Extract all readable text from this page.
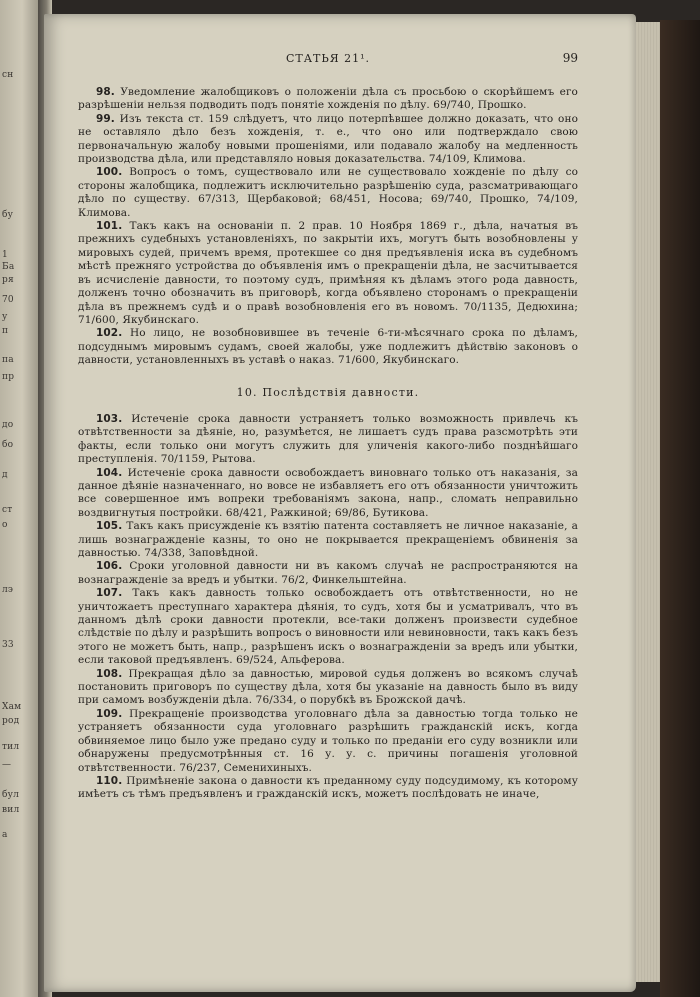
сн
бу
1
Ба
ря
70
у
п
па
пр
до
бо
д
ст
о
лэ
33
Хам
род
тил
—
бул
вил
а
СТАТЬЯ 21¹.	99

98. Уведомление жалобщиковъ о положеніи дѣла съ просьбою о скорѣйшемъ его разрѣшеніи нельзя подводить подъ понятіе хожденія по дѣлу. 69/740, Прошко.

99. Изъ текста ст. 159 слѣдуетъ, что лицо потерпѣвшее должно доказать, что оно не оставляло дѣло безъ хожденія, т. е., что оно или подтверждало свою первоначальную жалобу новыми прошеніями, или подавало жалобу на медленность производства дѣла, или представляло новыя доказательства. 74/109, Климова.

100. Вопросъ о томъ, существовало или не существовало хожденіе по дѣлу со стороны жалобщика, подлежитъ исключительно разрѣшенію суда, разсматривающаго дѣло по существу. 67/313, Щербаковой; 68/451, Носова; 69/740, Прошко, 74/109, Климова.

101. Такъ какъ на основаніи п. 2 прав. 10 Ноября 1869 г., дѣла, начатыя въ прежнихъ судебныхъ установленіяхъ, по закрытіи ихъ, могутъ быть возобновлены у мировыхъ судей, причемъ время, протекшее со дня предъявленія иска въ судебномъ мѣстѣ прежняго устройства до объявленія имъ о прекращеніи дѣла, не засчитывается въ исчисленіе давности, то поэтому судъ, примѣняя къ дѣламъ этого рода давность, долженъ точно обозначить въ приговорѣ, когда объявлено сторонамъ о прекращеніи дѣла въ прежнемъ судѣ и о правѣ возобновленія его въ новомъ. 70/1135, Дедюхина; 71/600, Якубинскаго.

102. Но лицо, не возобновившее въ теченіе 6-ти-мѣсячнаго срока по дѣламъ, подсуднымъ мировымъ судамъ, своей жалобы, уже подлежитъ дѣйствію законовъ о давности, установленныхъ въ уставѣ о наказ. 71/600, Якубинскаго.

10. Послѣдствія давности.

103. Истеченіе срока давности устраняетъ только возможность привлечь къ отвѣтственности за дѣяніе, но, разумѣется, не лишаетъ судъ права разсмотрѣть эти факты, если только они могутъ служить для уличенія какого-либо позднѣйшаго преступленія. 70/1159, Рытова.

104. Истеченіе срока давности освобождаетъ виновнаго только отъ наказанія, за данное дѣяніе назначеннаго, но вовсе не избавляетъ его отъ обязанности уничтожить все совершенное имъ вопреки требованіямъ закона, напр., сломать неправильно воздвигнутыя постройки. 68/421, Ражкиной; 69/86, Бутикова.

105. Такъ какъ присужденіе къ взятію патента составляетъ не личное наказаніе, а лишь вознагражденіе казны, то оно не покрывается прекращеніемъ обвиненія за давностью. 74/338, Заповѣдной.

106. Сроки уголовной давности ни въ какомъ случаѣ не распространяются на вознагражденіе за вредъ и убытки. 76/2, Финкельштейна.

107. Такъ какъ давность только освобождаетъ отъ отвѣтственности, но не уничтожаетъ преступнаго характера дѣянія, то судъ, хотя бы и усматривалъ, что въ данномъ дѣлѣ сроки давности протекли, все-таки долженъ произвести судебное слѣдствіе по дѣлу и разрѣшить вопросъ о виновности или невиновности, такъ какъ безъ этого не можетъ быть, напр., разрѣшенъ искъ о вознагражденіи за вредъ или убытки, если таковой предъявленъ. 69/524, Альферова.

108. Прекращая дѣло за давностью, мировой судья долженъ во всякомъ случаѣ постановить приговоръ по существу дѣла, хотя бы указаніе на давность было въ виду при самомъ возбужденіи дѣла. 76/334, о порубкѣ въ Брожской дачѣ.

109. Прекращеніе производства уголовнаго дѣла за давностью тогда только не устраняетъ обязанности суда уголовнаго разрѣшить гражданскій искъ, когда обвиняемое лицо было уже предано суду и только по преданіи его суду возникли или обнаружены предусмотрѣнныя ст. 16 у. у. с. причины погашенія уголовной отвѣтственности. 76/237, Семенихиныхъ.

110. Примѣненіе закона о давности къ преданному суду подсудимому, къ которому имѣетъ съ тѣмъ предъявленъ и гражданскій искъ, можетъ послѣдовать не иначе,
